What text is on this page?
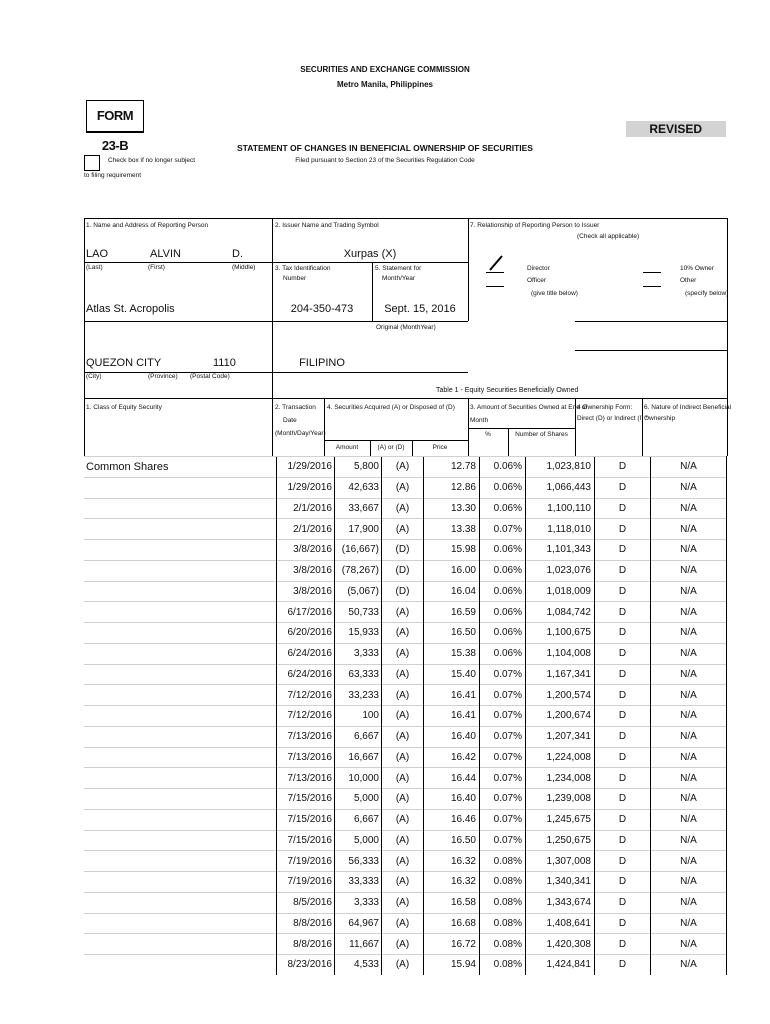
SECURITIES AND EXCHANGE COMMISSION
Metro Manila, Philippines
FORM 23-B
REVISED
STATEMENT OF CHANGES IN BENEFICIAL OWNERSHIP OF SECURITIES
Filed pursuant to Section 23 of the Securities Regulation Code
Check box if no longer subject
to filing requirement
1. Name and Address of Reporting Person
LAO	ALVIN	D.
(Last)	(First)	(Middle)
Atlas St. Acropolis
QUEZON CITY	1110
(City)	(Province) (Postal Code)
2. Issuer Name and Trading Symbol
Xurpas (X)
3. Tax Identification
Number
5. Statement for
Month/Year
204-350-473	Sept. 15, 2016
Original (MonthYear)
FILIPINO
7. Relationship of Reporting Person to Issuer
(Check all applicable)
Director
Officer
(give title below)
10% Owner
Other
(specify below)
Table 1 - Equity Securities Beneficially Owned
1. Class of Equity Security	2. Transaction
Date
(Month/Day/Year)
4. Securities Acquired (A) or Disposed of (D)
Amount	(A) or (D)	Price
3. Amount of Securities Owned at End of
Month
%	Number of Shares
4 Ownership Form:
Direct (D) or Indirect (I) *
6. Nature of Indirect Beneficial
Ownership
Common Shares	1/29/2016	5,800	(A)	12.78	0.06%	1,023,810	D	N/A
	1/29/2016	42,633	(A)	12.86	0.06%	1,066,443	D	N/A
	2/1/2016	33,667	(A)	13.30	0.06%	1,100,110	D	N/A
	2/1/2016	17,900	(A)	13.38	0.07%	1,118,010	D	N/A
	3/8/2016	(16,667)	(D)	15.98	0.06%	1,101,343	D	N/A
	3/8/2016	(78,267)	(D)	16.00	0.06%	1,023,076	D	N/A
	3/8/2016	(5,067)	(D)	16.04	0.06%	1,018,009	D	N/A
	6/17/2016	50,733	(A)	16.59	0.06%	1,084,742	D	N/A
	6/20/2016	15,933	(A)	16.50	0.06%	1,100,675	D	N/A
	6/24/2016	3,333	(A)	15.38	0.06%	1,104,008	D	N/A
	6/24/2016	63,333	(A)	15.40	0.07%	1,167,341	D	N/A
	7/12/2016	33,233	(A)	16.41	0.07%	1,200,574	D	N/A
	7/12/2016	100	(A)	16.41	0.07%	1,200,674	D	N/A
	7/13/2016	6,667	(A)	16.40	0.07%	1,207,341	D	N/A
	7/13/2016	16,667	(A)	16.42	0.07%	1,224,008	D	N/A
	7/13/2016	10,000	(A)	16.44	0.07%	1,234,008	D	N/A
	7/15/2016	5,000	(A)	16.40	0.07%	1,239,008	D	N/A
	7/15/2016	6,667	(A)	16.46	0.07%	1,245,675	D	N/A
	7/15/2016	5,000	(A)	16.50	0.07%	1,250,675	D	N/A
	7/19/2016	56,333	(A)	16.32	0.08%	1,307,008	D	N/A
	7/19/2016	33,333	(A)	16.32	0.08%	1,340,341	D	N/A
	8/5/2016	3,333	(A)	16.58	0.08%	1,343,674	D	N/A
	8/8/2016	64,967	(A)	16.68	0.08%	1,408,641	D	N/A
	8/8/2016	11,667	(A)	16.72	0.08%	1,420,308	D	N/A
	8/23/2016	4,533	(A)	15.94	0.08%	1,424,841	D	N/A
